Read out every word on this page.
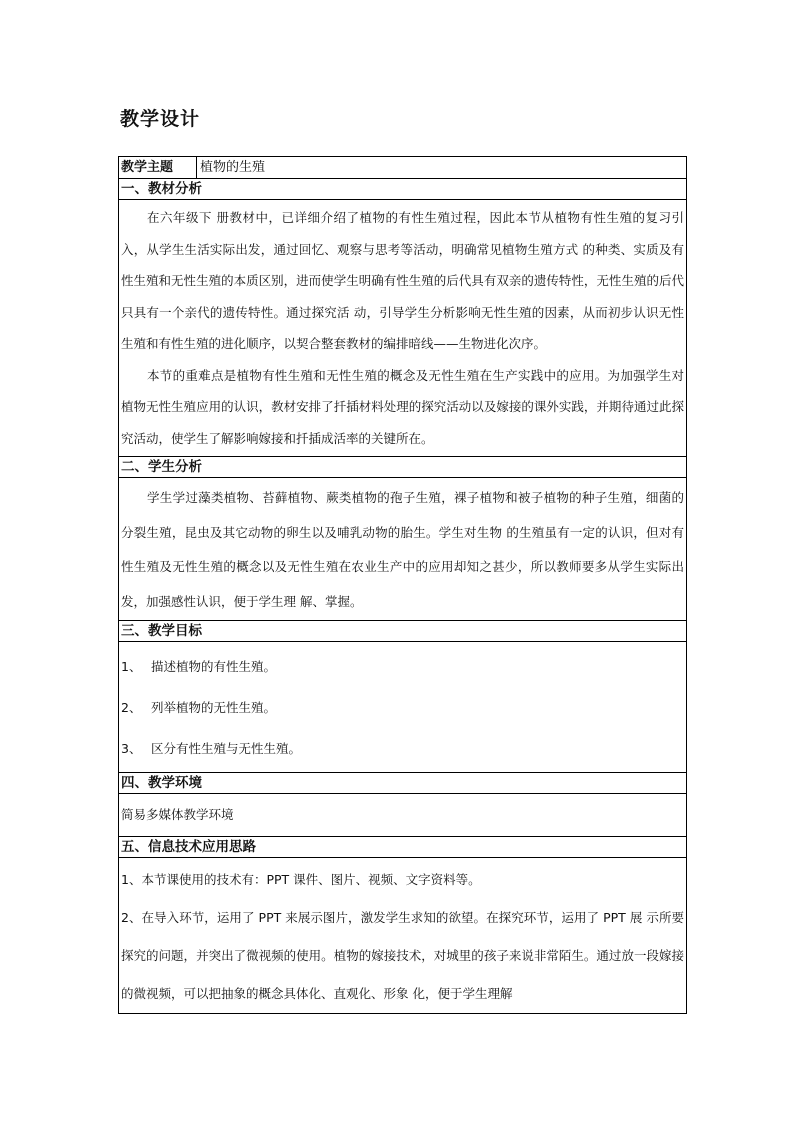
教学设计
教学主题	植物的生殖
一、教材分析

在六年级下 册教材中，已详细介绍了植物的有性生殖过程，因此本节从植物有性生殖的复习引入，从学生生活实际出发，通过回忆、观察与思考等活动，明确常见植物生殖方式 的种类、实质及有性生殖和无性生殖的本质区别，进而使学生明确有性生殖的后代具有双亲的遗传特性，无性生殖的后代只具有一个亲代的遗传特性。通过探究活 动，引导学生分析影响无性生殖的因素，从而初步认识无性生殖和有性生殖的进化顺序，以契合整套教材的编排暗线——生物进化次序。

本节的重难点是植物有性生殖和无性生殖的概念及无性生殖在生产实践中的应用。为加强学生对植物无性生殖应用的认识，教材安排了扦插材料处理的探究活动以及嫁接的课外实践，并期待通过此探究活动，使学生了解影响嫁接和扦插成活率的关键所在。

二、学生分析

学生学过藻类植物、苔藓植物、蕨类植物的孢子生殖，裸子植物和被子植物的种子生殖，细菌的分裂生殖，昆虫及其它动物的卵生以及哺乳动物的胎生。学生对生物 的生殖虽有一定的认识，但对有性生殖及无性生殖的概念以及无性生殖在农业生产中的应用却知之甚少，所以教师要多从学生实际出发，加强感性认识，便于学生理 解、掌握。

三、教学目标
1、 描述植物的有性生殖。
2、 列举植物的无性生殖。
3、 区分有性生殖与无性生殖。
四、教学环境

简易多媒体教学环境

五、信息技术应用思路

1、本节课使用的技术有：PPT 课件、图片、视频、文字资料等。

2、在导入环节，运用了 PPT 来展示图片，激发学生求知的欲望。在探究环节，运用了 PPT 展 示所要探究的问题，并突出了微视频的使用。植物的嫁接技术，对城里的孩子来说非常陌生。通过放一段嫁接的微视频，可以把抽象的概念具体化、直观化、形象 化，便于学生理解
